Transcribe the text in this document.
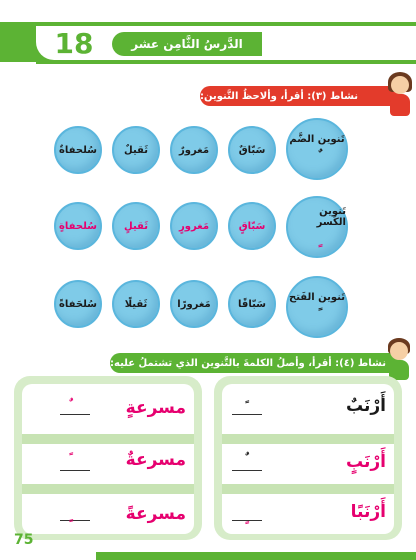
18	الدَّرسُ الثَّامِن عشر
نشاط (٣): أقرأ، وألاحظُ التَّنوين:
تَنوين الضَّم
سَبّاقٌ
مَغرورٌ
ثَقيلٌ
سُلحفاةٌ
تَنوين الكَسر
سَبّاقٍ
مَغرورٍ
ثَقيلٍ
سُلحفاةٍ
تَنوين الفَتح
سَبّاقًا
مَغرورًا
ثَقيلًا
سُلحَفاةً
نشاط (٤): أقرأ، وأصلُ الكلمةَ بالتَّنوين الذي تشتملُ عليه:
أَرْنَبٌ
أَرْنَبٍ
أَرْنَبًا
مسرعةٍ
مسرعةٌ
مسرعةً
75
